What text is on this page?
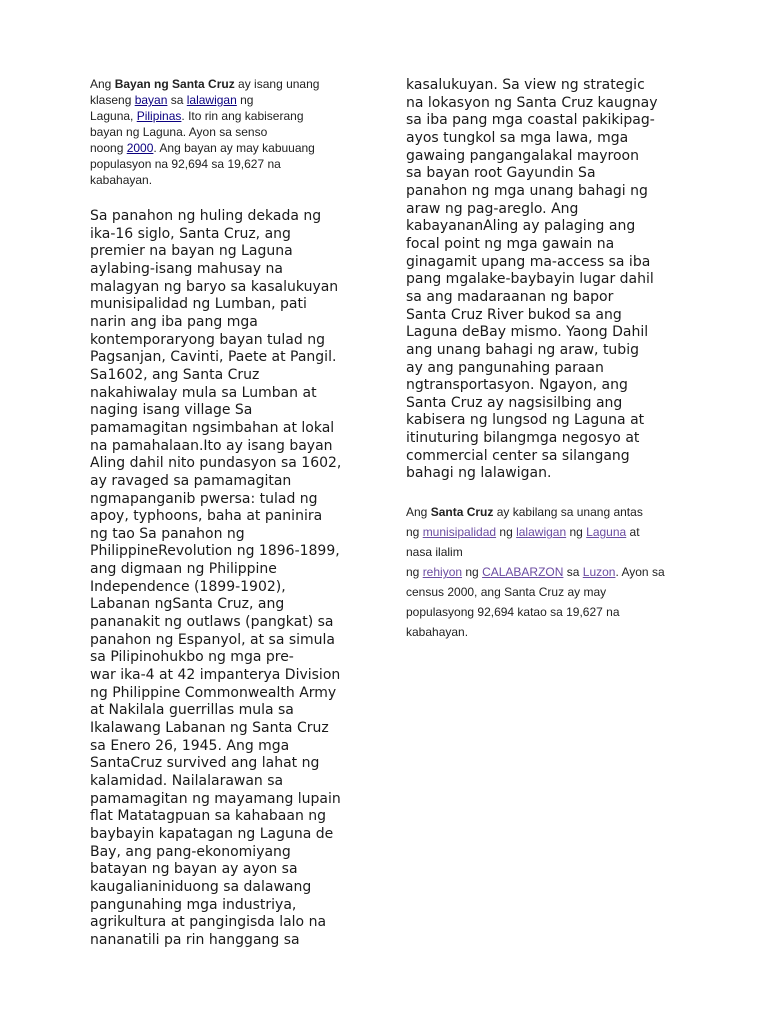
Ang Bayan ng Santa Cruz ay isang unang
klaseng bayan sa lalawigan ng
Laguna, Pilipinas. Ito rin ang kabiserang
bayan ng Laguna. Ayon sa senso
noong 2000. Ang bayan ay may kabuuang
populasyon na 92,694 sa 19,627 na
kabahayan.

Sa panahon ng huling dekada ng
ika-16 siglo, Santa Cruz, ang
premier na bayan ng Laguna
aylabing-isang mahusay na
malagyan ng baryo sa kasalukuyan
munisipalidad ng Lumban, pati
narin ang iba pang mga
kontemporaryong bayan tulad ng
Pagsanjan, Cavinti, Paete at Pangil.
Sa1602, ang Santa Cruz
nakahiwalay mula sa Lumban at
naging isang village Sa
pamamagitan ngsimbahan at lokal
na pamahalaan.Ito ay isang bayan
Aling dahil nito pundasyon sa 1602,
ay ravaged sa pamamagitan
ngmapanganib pwersa: tulad ng
apoy, typhoons, baha at paninira
ng tao Sa panahon ng
PhilippineRevolution ng 1896-1899,
ang digmaan ng Philippine
Independence (1899-1902),
Labanan ngSanta Cruz, ang
pananakit ng outlaws (pangkat) sa
panahon ng Espanyol, at sa simula
sa Pilipinohukbo ng mga pre-
war ika-4 at 42 impanterya Division
ng Philippine Commonwealth Army
at Nakilala guerrillas mula sa
Ikalawang Labanan ng Santa Cruz
sa Enero 26, 1945. Ang mga
SantaCruz survived ang lahat ng
kalamidad. Nailalarawan sa
pamamagitan ng mayamang lupain
flat Matatagpuan sa kahabaan ng
baybayin kapatagan ng Laguna de
Bay, ang pang-ekonomiyang
batayan ng bayan ay ayon sa
kaugalianiniduong sa dalawang
pangunahing mga industriya,
agrikultura at pangingisda lalo na
nananatili pa rin hanggang sa
kasalukuyan. Sa view ng strategic
na lokasyon ng Santa Cruz kaugnay
sa iba pang mga coastal pakikipag-
ayos tungkol sa mga lawa, mga
gawaing pangangalakal mayroon
sa bayan root Gayundin Sa
panahon ng mga unang bahagi ng
araw ng pag-areglo. Ang
kabayananAling ay palaging ang
focal point ng mga gawain na
ginagamit upang ma-access sa iba
pang mgalake-baybayin lugar dahil
sa ang madaraanan ng bapor
Santa Cruz River bukod sa ang
Laguna deBay mismo. Yaong Dahil
ang unang bahagi ng araw, tubig
ay ang pangunahing paraan
ngtransportasyon. Ngayon, ang
Santa Cruz ay nagsisilbing ang
kabisera ng lungsod ng Laguna at
itinuturing bilangmga negosyo at
commercial center sa silangang
bahagi ng lalawigan.

Ang Santa Cruz ay kabilang sa unang antas
ng munisipalidad ng lalawigan ng Laguna at
nasa ilalim
ng rehiyon ng CALABARZON sa Luzon. Ayon sa
census 2000, ang Santa Cruz ay may
populasyong 92,694 katao sa 19,627 na
kabahayan.
